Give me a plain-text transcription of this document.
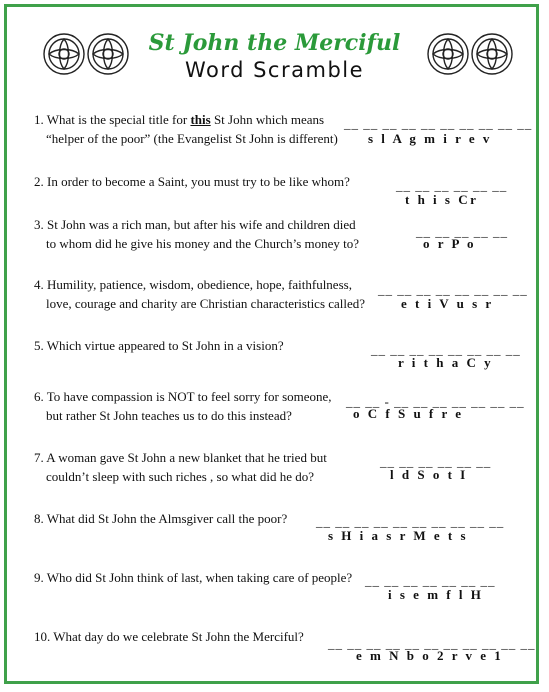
St John the Merciful
Word Scramble
1. What is the special title for this St John which means
“helper of the poor” (the Evangelist St John is different)
__ __ __ __ __ __ __ __ __ __
s l A g m i r e v
2. In order to become a Saint, you must try to be like whom?	__ __ __ __ __ __
t h i s Cr
3. St John was a rich man, but after his wife and children died
to whom did he give his money and the Church’s money to?
__ __ __ __ __
o r P o
4. Humility, patience, wisdom, obedience, hope, faithfulness,
love, courage and charity are Christian characteristics called?
__ __ __ __ __ __ __ __
e t i V u s r
5. Which virtue appeared to St John in a vision?	__ __ __ __ __ __ __ __
r i t h a C y
6. To have compassion is NOT to feel sorry for someone,
but rather St John teaches us to do this instead?
__ __ - __ __ __ __ __ __ __
o C f S u f r e
7. A woman gave St John a new blanket that he tried but
couldn’t sleep with such riches , so what did he do?
__ __ __ __ __ __
l d S o t I
8. What did St John the Almsgiver call the poor? __ __ __ __ __ __ __ __ __ __
s H i a s r M e t s
9. Who did St John think of last, when taking care of people? __ __ __ __ __ __ __
i s e m f l H
10. What day do we celebrate St John the Merciful? __ __ __ __ __ __ __ __ __ __ __
e m N b o 2 r v e 1
